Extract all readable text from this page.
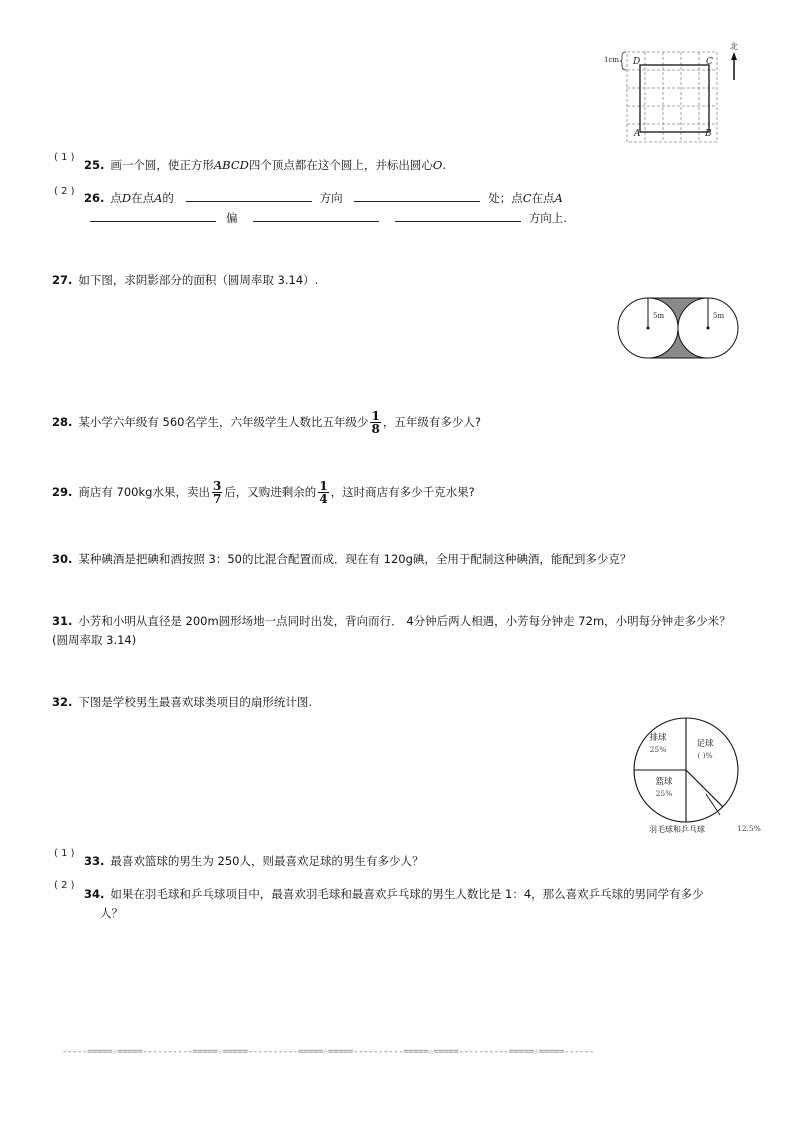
D	C
A	B
1cm
北
( 1 )
25. 画一个圆，使正方形ABCD四个顶点都在这个圆上，并标出圆心O.
( 2 ) 26. 点D在点A的	方向	处；点C在点A
偏	方向上.
27. 如下图，求阴影部分的面积（圆周率取 3.14）.
5m	5m
28. 某小学六年级有 560名学生，六年级学生人数比五年级少 $\frac{1}{8}$ ，五年级有多少人?
29. 商店有 700kg水果，卖出 $\frac{3}{7}$ 后，又购进剩余的 $\frac{1}{4}$ ，这时商店有多少千克水果?
30. 某种碘酒是把碘和酒按照 3：50的比混合配置而成．现在有 120g碘，全用于配制这种碘酒，能配到多少克？
31. 小芳和小明从直径是 200m圆形场地一点同时出发，背向而行． 4分钟后两人相遇，小芳每分钟走 72m，小明每分钟走多少米？
(圆周率取 3.14)
32. 下图是学校男生最喜欢球类项目的扇形统计图.
排球
25%
足球
( )%
篮球
25%
羽毛球和乒乓球	12.5%
( 1 )
33. 最喜欢篮球的男生为 250人，则最喜欢足球的男生有多少人？
( 2 )
34. 如果在羽毛球和乒乓球项目中，最喜欢羽毛球和最喜欢乒乓球的男生人数比是 1：4，那么喜欢乒乓球的男同学有多少
人？
-----=====☆=====----------=====☆=====----------=====☆=====----------=====☆=====----------=====☆=====------
